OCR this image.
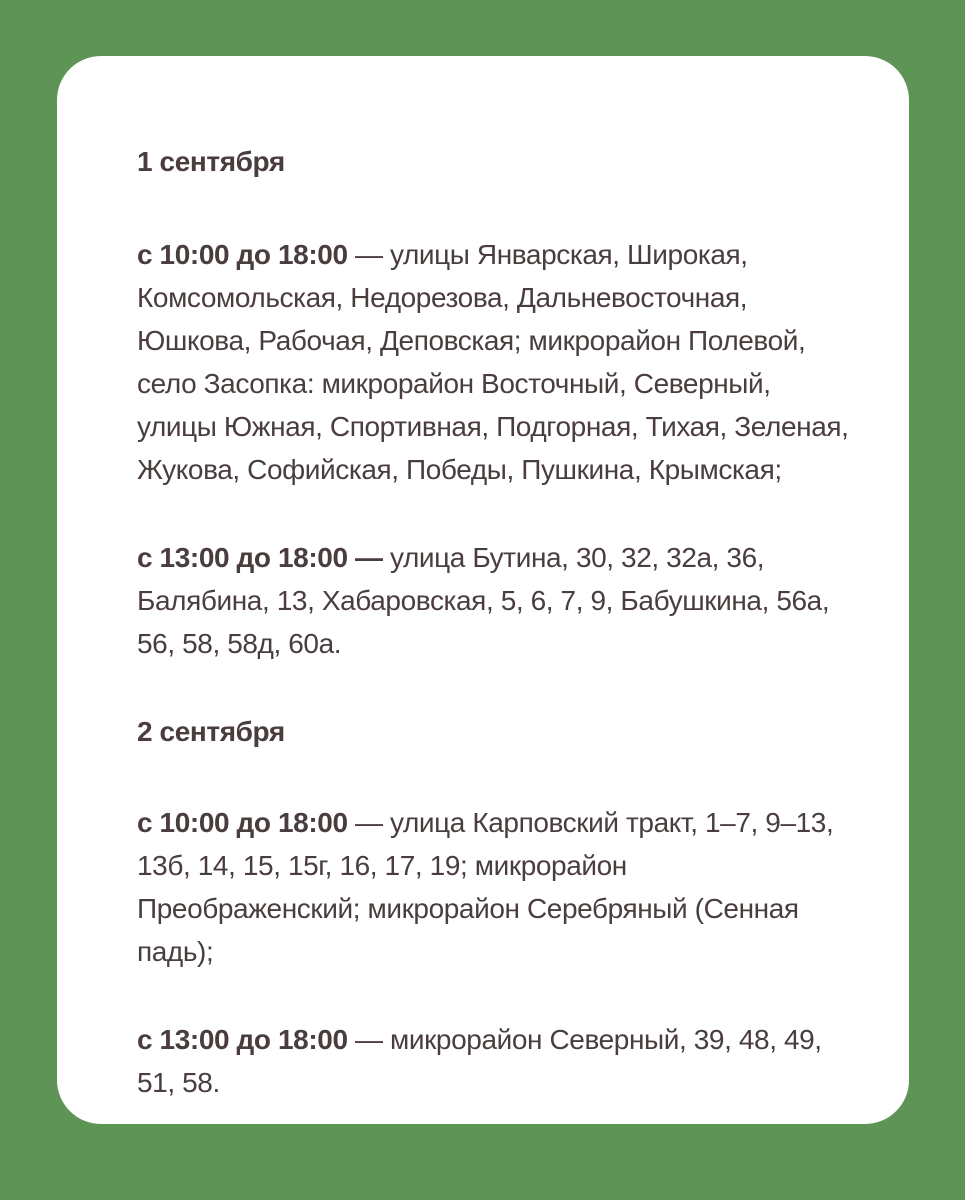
1 сентября

с 10:00 до 18:00 — улицы Январская, Широкая,
Комсомольская, Недорезова, Дальневосточная,
Юшкова, Рабочая, Деповская; микрорайон Полевой,
село Засопка: микрорайон Восточный, Северный,
улицы Южная, Спортивная, Подгорная, Тихая, Зеленая,
Жукова, Софийская, Победы, Пушкина, Крымская;

с 13:00 до 18:00 — улица Бутина, 30, 32, 32а, 36,
Балябина, 13, Хабаровская, 5, 6, 7, 9, Бабушкина, 56а,
56, 58, 58д, 60а.

2 сентября

с 10:00 до 18:00 — улица Карповский тракт, 1–7, 9–13,
13б, 14, 15, 15г, 16, 17, 19; микрорайон
Преображенский; микрорайон Серебряный (Сенная
падь);

с 13:00 до 18:00 — микрорайон Северный, 39, 48, 49,
51, 58.
